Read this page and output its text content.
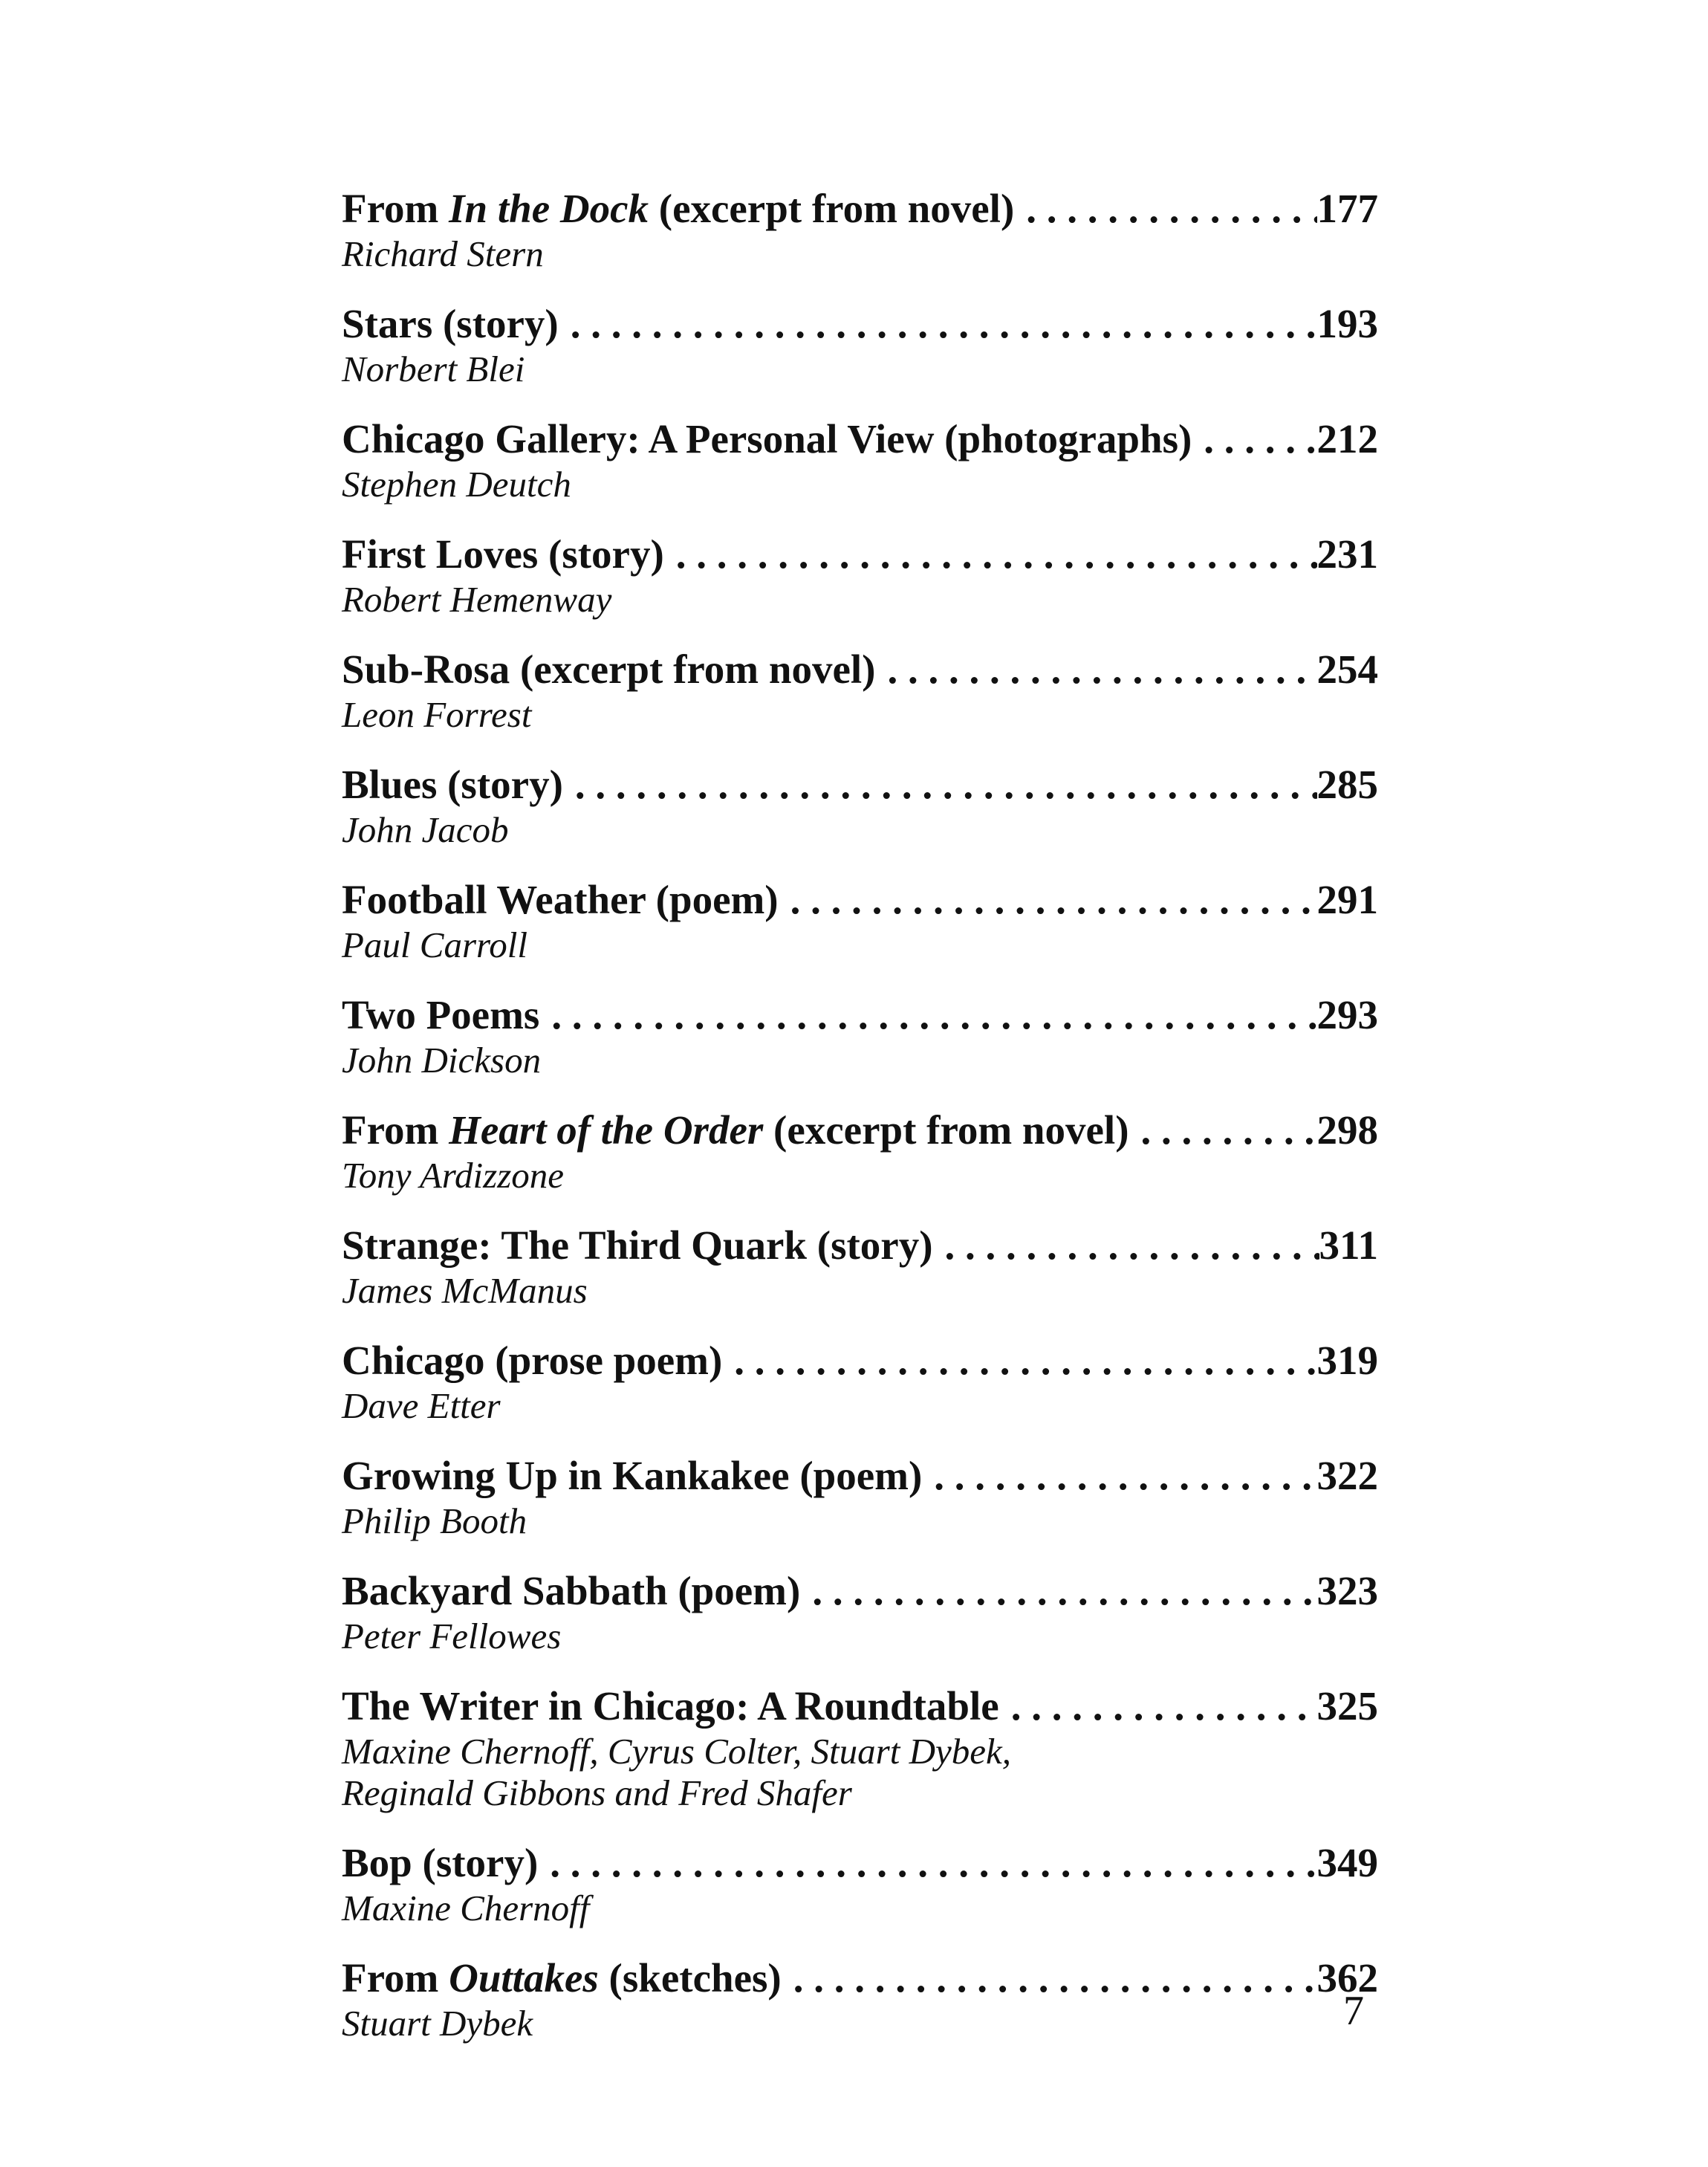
From In the Dock (excerpt from novel) . . .	177
Richard Stern
Stars (story) . . .	193
Norbert Blei
Chicago Gallery: A Personal View (photographs) . . .	212
Stephen Deutch
First Loves (story) . . .	231
Robert Hemenway
Sub-Rosa (excerpt from novel) . . .	254
Leon Forrest
Blues (story) . . .	285
John Jacob
Football Weather (poem) . . .	291
Paul Carroll
Two Poems . . .	293
John Dickson
From Heart of the Order (excerpt from novel) . . .	298
Tony Ardizzone
Strange: The Third Quark (story) . . .	311
James McManus
Chicago (prose poem) . . .	319
Dave Etter
Growing Up in Kankakee (poem) . . .	322
Philip Booth
Backyard Sabbath (poem) . . .	323
Peter Fellowes
The Writer in Chicago: A Roundtable . . .	325
Maxine Chernoff, Cyrus Colter, Stuart Dybek,
Reginald Gibbons and Fred Shafer
Bop (story) . . .	349
Maxine Chernoff
From Outtakes (sketches) . . .	362
Stuart Dybek	7
